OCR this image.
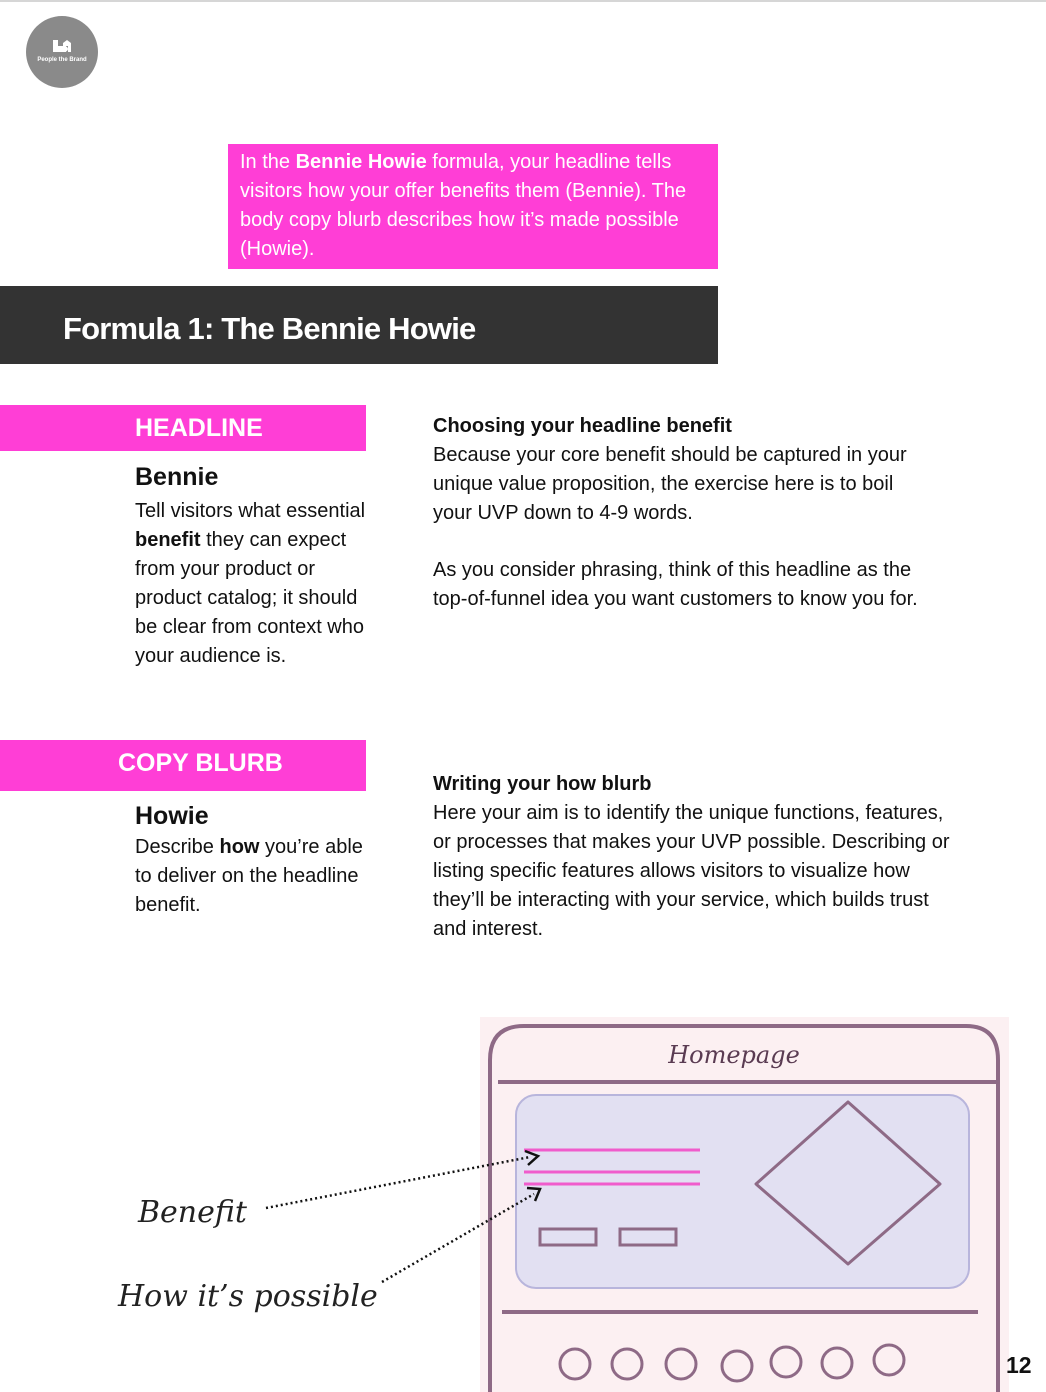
People the Brand
In the Bennie Howie formula, your headline tells visitors how your offer benefits them (Bennie). The body copy blurb describes how it’s made possible (Howie).
Formula 1: The Bennie Howie
HEADLINE
Bennie
Tell visitors what essential benefit they can expect from your product or product catalog; it should be clear from context who your audience is.
Choosing your headline benefit
Because your core benefit should be captured in your unique value proposition, the exercise here is to boil your UVP down to 4-9 words.
As you consider phrasing, think of this headline as the top-of-funnel idea you want customers to know you for.
COPY BLURB
Howie
Describe how you’re able to deliver on the headline benefit.
Writing your how blurb
Here your aim is to identify the unique functions, features, or processes that makes your UVP possible. Describing or listing specific features allows visitors to visualize how they’ll be interacting with your service, which builds trust and interest.
Homepage
Benefit
How it’s possible
12
